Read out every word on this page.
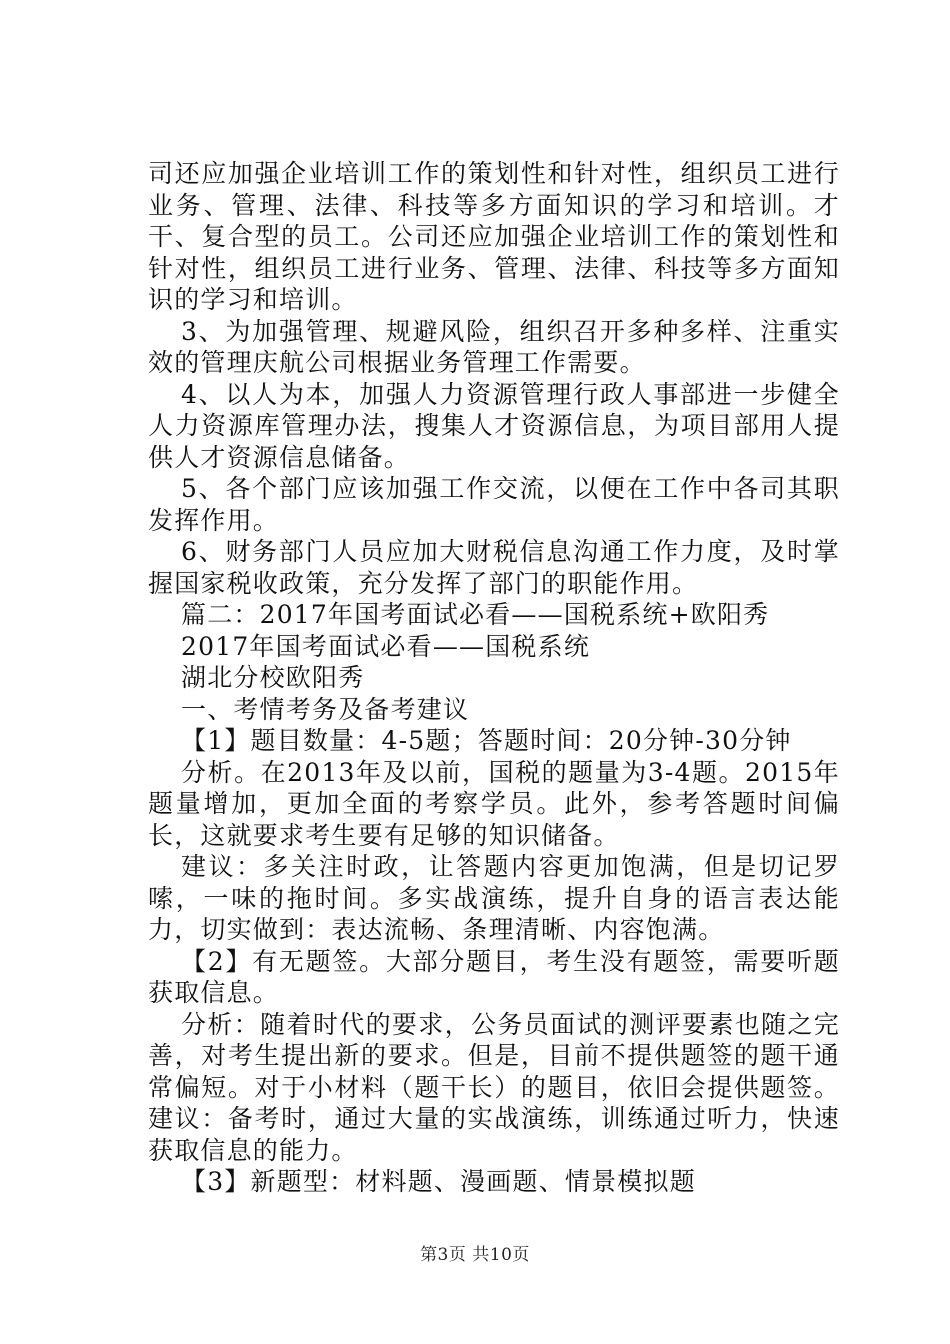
司还应加强企业培训工作的策划性和针对性，组织员工进行业务、管理、法律、科技等多方面知识的学习和培训。才干、复合型的员工。公司还应加强企业培训工作的策划性和针对性，组织员工进行业务、管理、法律、科技等多方面知识的学习和培训。

3、为加强管理、规避风险，组织召开多种多样、注重实效的管理庆航公司根据业务管理工作需要。

4、以人为本，加强人力资源管理行政人事部进一步健全人力资源库管理办法，搜集人才资源信息，为项目部用人提供人才资源信息储备。

5、各个部门应该加强工作交流，以便在工作中各司其职发挥作用。

6、财务部门人员应加大财税信息沟通工作力度，及时掌握国家税收政策，充分发挥了部门的职能作用。

篇二：2017年国考面试必看——国税系统+欧阳秀

2017年国考面试必看——国税系统

湖北分校欧阳秀

一、考情考务及备考建议

【1】题目数量：4-5题；答题时间：20分钟-30分钟

分析。在2013年及以前，国税的题量为3-4题。2015年题量增加，更加全面的考察学员。此外，参考答题时间偏长，这就要求考生要有足够的知识储备。

建议：多关注时政，让答题内容更加饱满，但是切记罗嗦，一味的拖时间。多实战演练，提升自身的语言表达能力，切实做到：表达流畅、条理清晰、内容饱满。

【2】有无题签。大部分题目，考生没有题签，需要听题获取信息。

分析：随着时代的要求，公务员面试的测评要素也随之完善，对考生提出新的要求。但是，目前不提供题签的题干通常偏短。对于小材料（题干长）的题目，依旧会提供题签。建议：备考时，通过大量的实战演练，训练通过听力，快速获取信息的能力。

【3】新题型：材料题、漫画题、情景模拟题

第3页 共10页
